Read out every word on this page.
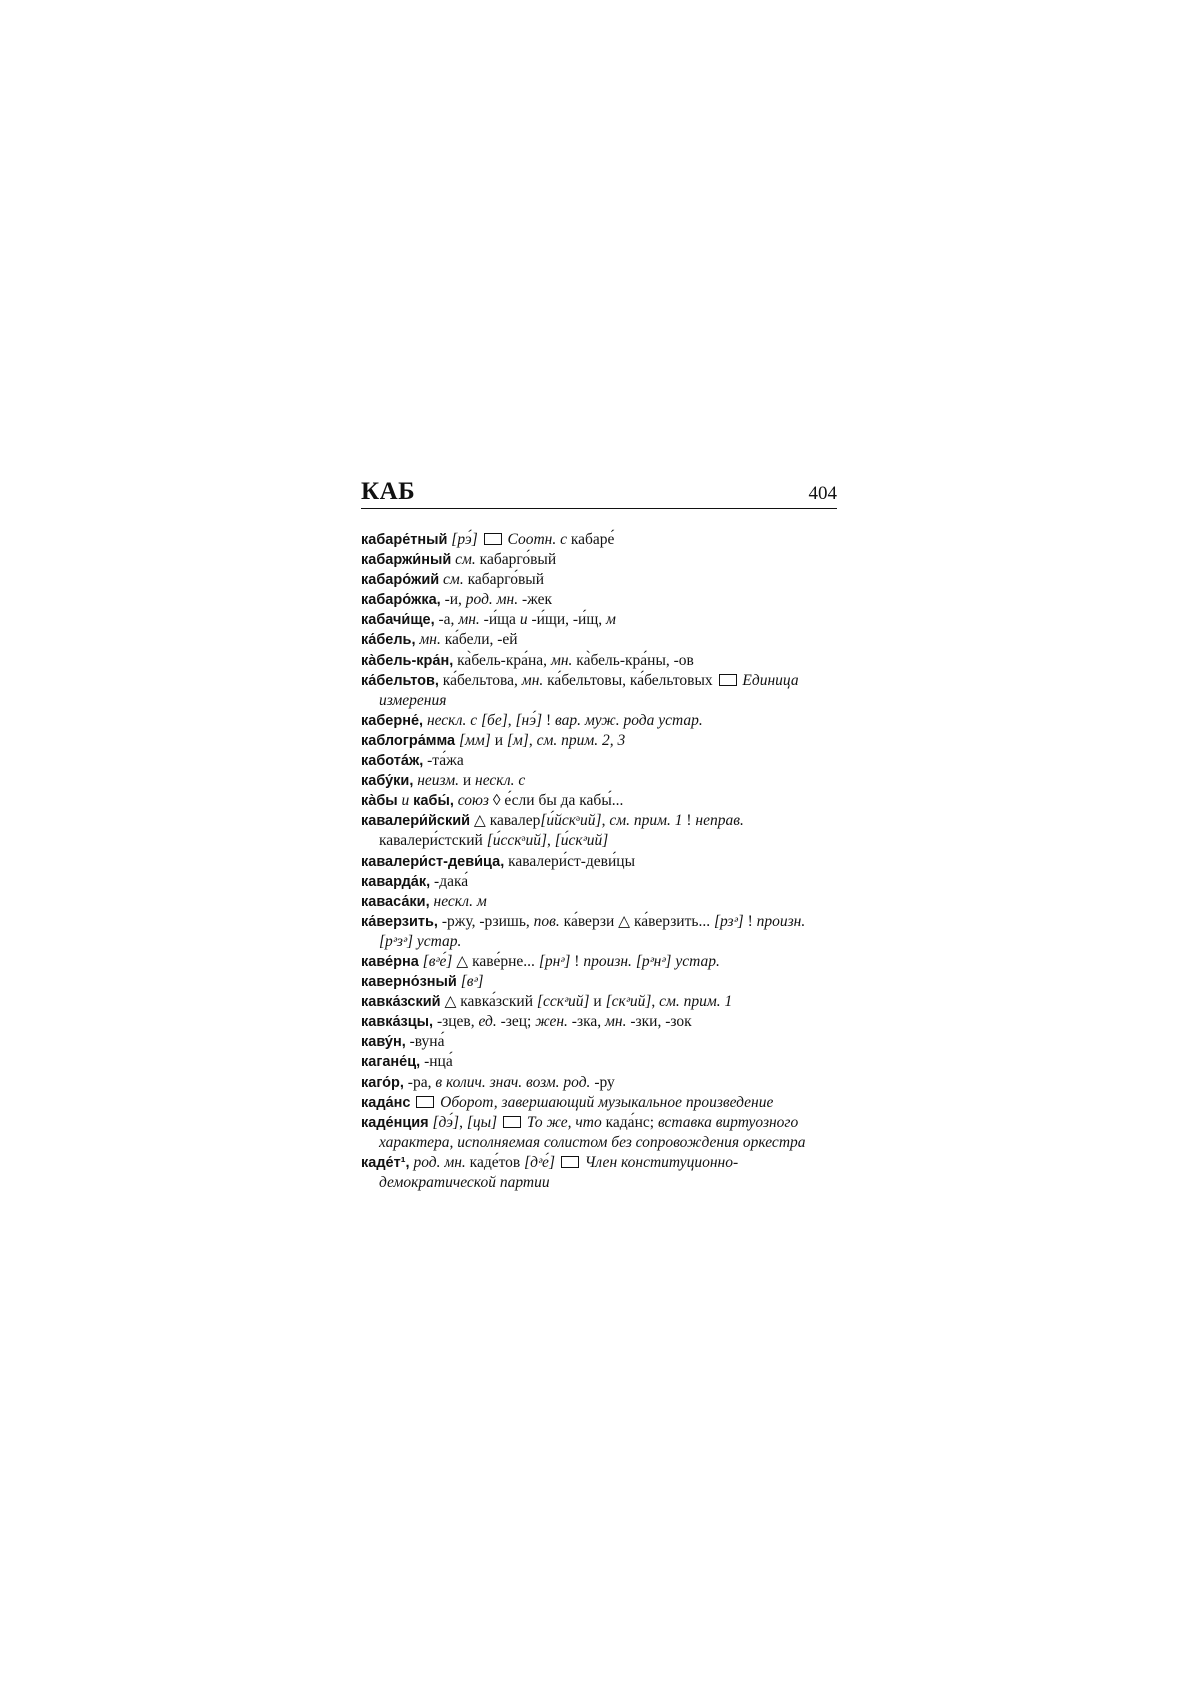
КАБ	404

кабаре́тный [рэ́] Соотн. с кабаре́

кабаржи́ный см. кабарго́вый

кабаро́жий см. кабарго́вый

кабаро́жка, -и, род. мн. -жек

кабачи́ще, -а, мн. -и́ща и -и́щи, -и́щ, м

ка́бель, мн. ка́бели, -ей

ка̀бель-кра́н, ка̀бель-кра́на, мн. ка̀бель-кра́ны, -ов

ка́бельтов, ка́бельтова, мн. ка́бельтовы, ка́бельтовых  Единица измерения

каберне́, нескл. с [бе], [нэ́] ! вар. муж. рода устар.

каблогра́мма [мм] и [м], см. прим. 2, 3

каботáж, -та́жа

кабу́ки, неизм. и нескл. с

ка̀бы и кабы́, союз ◊ е́сли бы да кабы́...

кавалери́йский △ кавалер[и́йскᵊий], см. прим. 1 ! неправ. кавалери́стский [и́сскᵊий], [и́скᵊий]

кавалери́ст-деви́ца, кавалери́ст-деви́цы

каварда́к, -дака́

каваса́ки, нескл. м

ка́верзить, -ржу, -рзишь, пов. ка́верзи △ ка́верзить... [рзᵊ] ! произн. [рᵊзᵊ] устар.

каве́рна [вᵊе́] △ каве́рне... [рнᵊ] ! произн. [рᵊнᵊ] устар.

каверно́зный [вᵊ]

кавка́зский △ кавка́зский [сскᵊий] и [скᵊий], см. прим. 1

кавка́зцы, -зцев, ед. -зец; жен. -зка, мн. -зки, -зок

каву́н, -вуна́

кагане́ц, -нца́

каго́р, -ра, в колич. знач. возм. род. -ру

када́нс Оборот, завершающий музыкальное произведение

каде́нция [дэ́], [цы] То же, что када́нс; вставка виртуозного характера, исполняемая солистом без сопровождения оркестра

каде́т¹, род. мн. каде́тов [дᵊе́] Член конституционно-демократической партии
